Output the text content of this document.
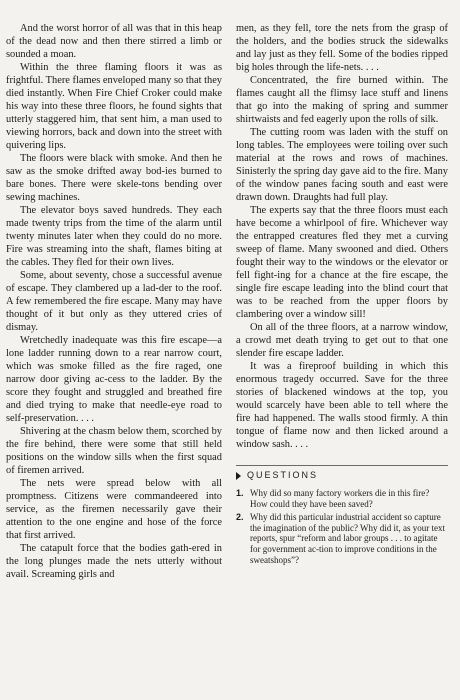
And the worst horror of all was that in this heap of the dead now and then there stirred a limb or sounded a moan.

Within the three flaming floors it was as frightful. There flames enveloped many so that they died instantly. When Fire Chief Croker could make his way into these three floors, he found sights that utterly staggered him, that sent him, a man used to viewing horrors, back and down into the street with quivering lips.

The floors were black with smoke. And then he saw as the smoke drifted away bod-ies burned to bare bones. There were skele-tons bending over sewing machines.

The elevator boys saved hundreds. They each made twenty trips from the time of the alarm until twenty minutes later when they could do no more. Fire was streaming into the shaft, flames biting at the cables. They fled for their own lives.

Some, about seventy, chose a successful avenue of escape. They clambered up a lad-der to the roof. A few remembered the fire escape. Many may have thought of it but only as they uttered cries of dismay.

Wretchedly inadequate was this fire escape—a lone ladder running down to a rear narrow court, which was smoke filled as the fire raged, one narrow door giving ac-cess to the ladder. By the score they fought and struggled and breathed fire and died trying to make that needle-eye road to self-preservation. . . .

Shivering at the chasm below them, scorched by the fire behind, there were some that still held positions on the window sills when the first squad of firemen arrived.

The nets were spread below with all promptness. Citizens were commandeered into service, as the firemen necessarily gave their attention to the one engine and hose of the force that first arrived.

The catapult force that the bodies gath-ered in the long plunges made the nets utterly without avail. Screaming girls and

men, as they fell, tore the nets from the grasp of the holders, and the bodies struck the sidewalks and lay just as they fell. Some of the bodies ripped big holes through the life-nets. . . .

Concentrated, the fire burned within. The flames caught all the flimsy lace stuff and linens that go into the making of spring and summer shirtwaists and fed eagerly upon the rolls of silk.

The cutting room was laden with the stuff on long tables. The employees were toiling over such material at the rows and rows of machines. Sinisterly the spring day gave aid to the fire. Many of the window panes facing south and east were drawn down. Draughts had full play.

The experts say that the three floors must each have become a whirlpool of fire. Whichever way the entrapped creatures fled they met a curving sweep of flame. Many swooned and died. Others fought their way to the windows or the elevator or fell fight-ing for a chance at the fire escape, the single fire escape leading into the blind court that was to be reached from the upper floors by clambering over a window sill!

On all of the three floors, at a narrow window, a crowd met death trying to get out to that one slender fire escape ladder.

It was a fireproof building in which this enormous tragedy occurred. Save for the three stories of blackened windows at the top, you would scarcely have been able to tell where the fire had happened. The walls stood firmly. A thin tongue of flame now and then licked around a window sash. . . .

QUESTIONS
1. Why did so many factory workers die in this fire? How could they have been saved?
2. Why did this particular industrial accident so capture the imagination of the public? Why did it, as your text reports, spur “reform and labor groups . . . to agitate for government ac-tion to improve conditions in the sweatshops”?
